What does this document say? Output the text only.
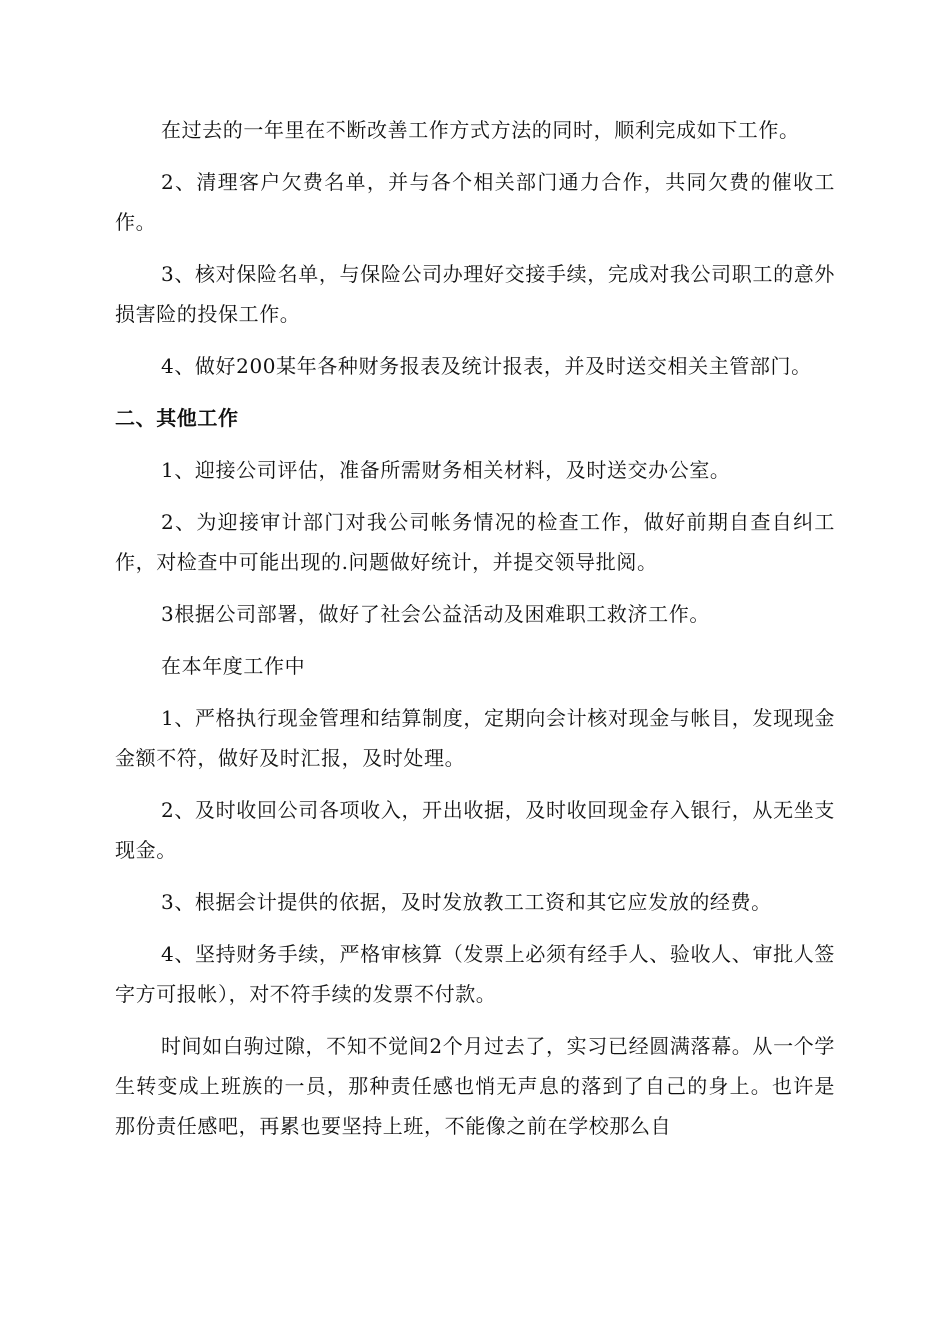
在过去的一年里在不断改善工作方式方法的同时，顺利完成如下工作。

2、清理客户欠费名单，并与各个相关部门通力合作，共同欠费的催收工作。

3、核对保险名单，与保险公司办理好交接手续，完成对我公司职工的意外损害险的投保工作。

4、做好200某年各种财务报表及统计报表，并及时送交相关主管部门。

二、其他工作

1、迎接公司评估，准备所需财务相关材料，及时送交办公室。

2、为迎接审计部门对我公司帐务情况的检查工作，做好前期自查自纠工作，对检查中可能出现的.问题做好统计，并提交领导批阅。

3根据公司部署，做好了社会公益活动及困难职工救济工作。

在本年度工作中

1、严格执行现金管理和结算制度，定期向会计核对现金与帐目，发现现金金额不符，做好及时汇报，及时处理。

2、及时收回公司各项收入，开出收据，及时收回现金存入银行，从无坐支现金。

3、根据会计提供的依据，及时发放教工工资和其它应发放的经费。

4、坚持财务手续，严格审核算（发票上必须有经手人、验收人、审批人签字方可报帐），对不符手续的发票不付款。

时间如白驹过隙，不知不觉间2个月过去了，实习已经圆满落幕。从一个学生转变成上班族的一员，那种责任感也悄无声息的落到了自己的身上。也许是那份责任感吧，再累也要坚持上班，不能像之前在学校那么自
